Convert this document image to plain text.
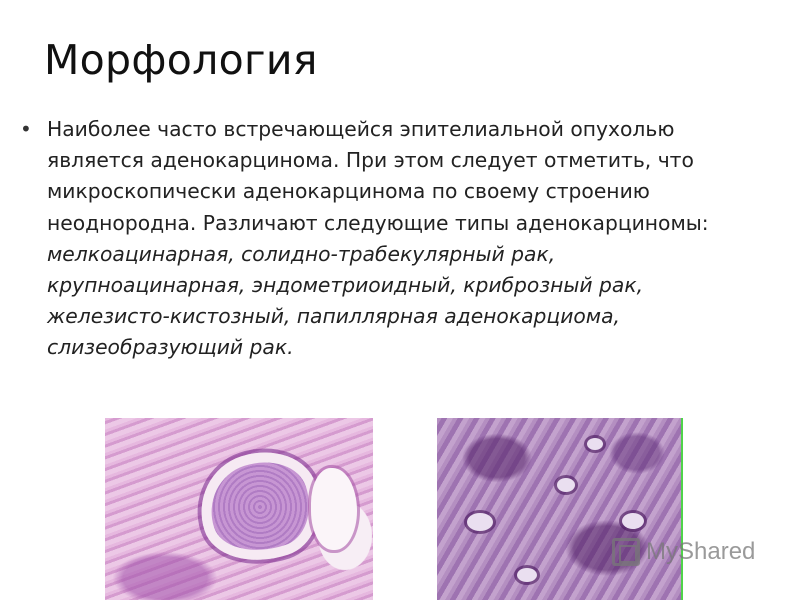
Морфология
• Наиболее часто встречающейся эпителиальной опухолью является аденокарцинома. При этом следует отметить, что микроскопически аденокарцинома по своему строению неоднородна. Различают следующие типы аденокарциномы: мелкоацинарная, солидно-трабекулярный рак, крупноацинарная, эндометриоидный, криброзный рак, железисто-кистозный, папиллярная аденокарциома, слизеобразующий рак.
MyShared
